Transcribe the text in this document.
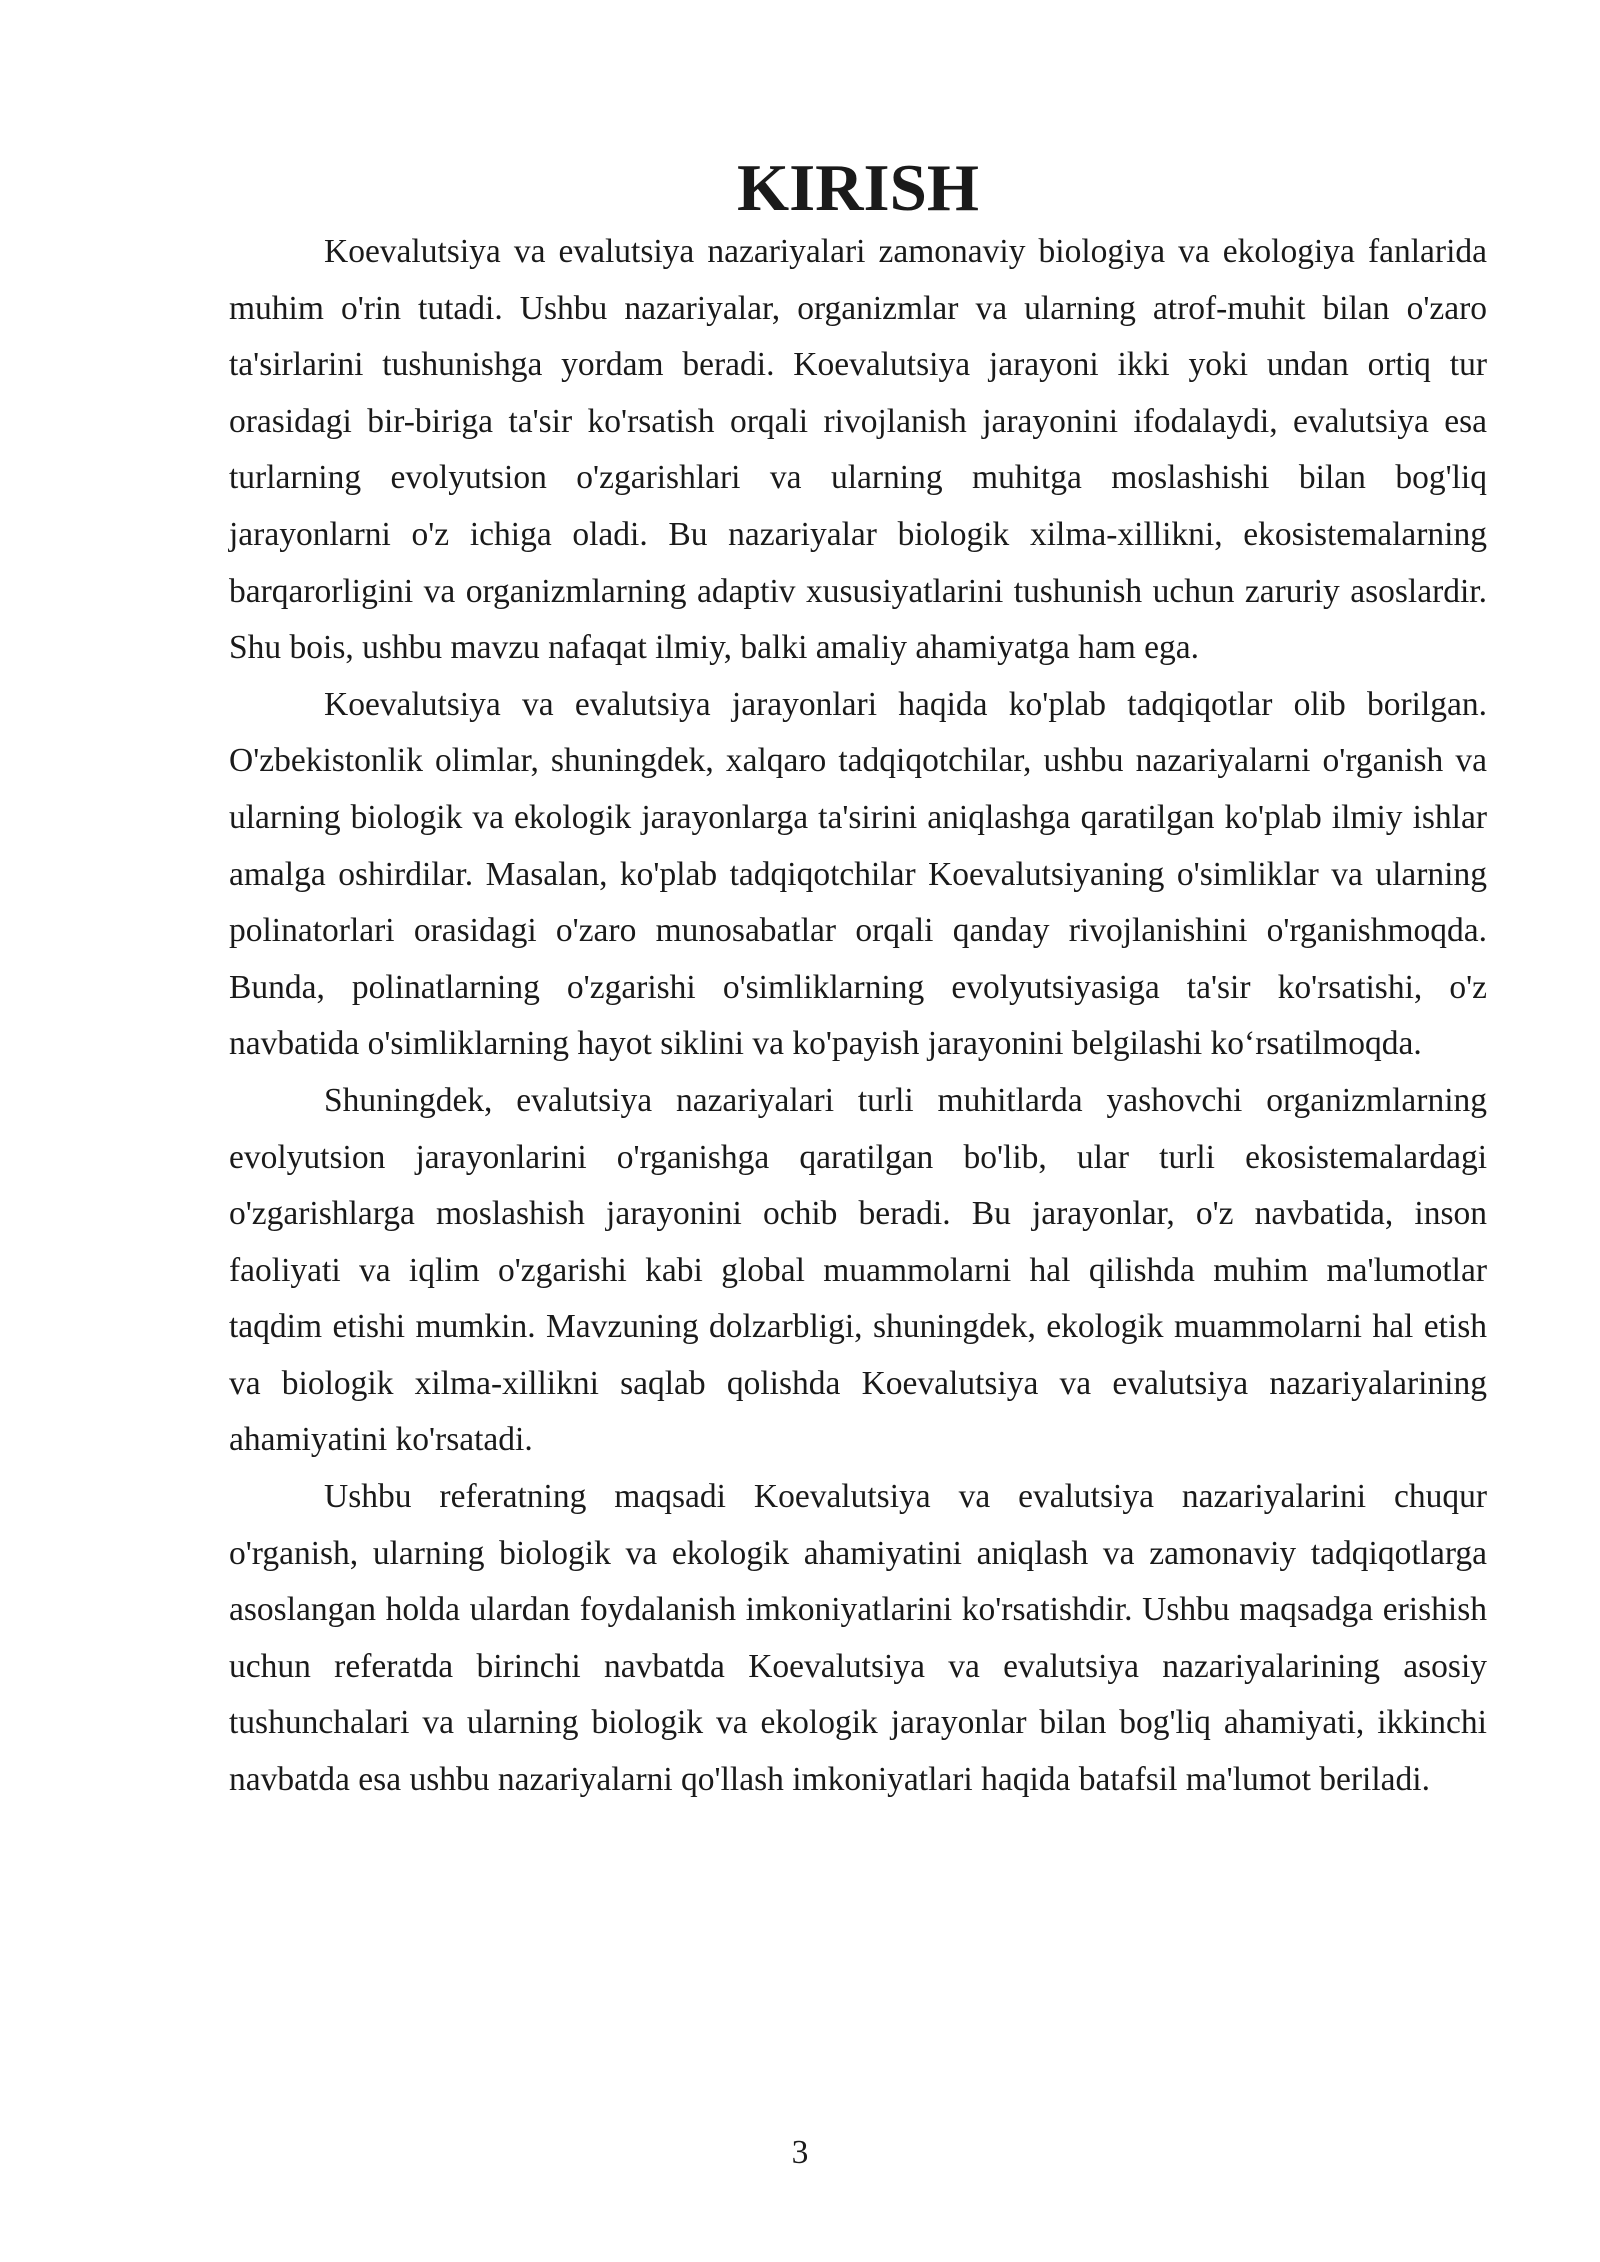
KIRISH

Koevalutsiya va evalutsiya nazariyalari zamonaviy biologiya va ekologiya fanlarida muhim o'rin tutadi. Ushbu nazariyalar, organizmlar va ularning atrof-muhit bilan o'zaro ta'sirlarini tushunishga yordam beradi. Koevalutsiya jarayoni ikki yoki undan ortiq tur orasidagi bir-biriga ta'sir ko'rsatish orqali rivojlanish jarayonini ifodalaydi, evalutsiya esa turlarning evolyutsion o'zgarishlari va ularning muhitga moslashishi bilan bog'liq jarayonlarni o'z ichiga oladi. Bu nazariyalar biologik xilma-xillikni, ekosistemalarning barqarorligini va organizmlarning adaptiv xususiyatlarini tushunish uchun zaruriy asoslardir. Shu bois, ushbu mavzu nafaqat ilmiy, balki amaliy ahamiyatga ham ega.

Koevalutsiya va evalutsiya jarayonlari haqida ko'plab tadqiqotlar olib borilgan. O'zbekistonlik olimlar, shuningdek, xalqaro tadqiqotchilar, ushbu nazariyalarni o'rganish va ularning biologik va ekologik jarayonlarga ta'sirini aniqlashga qaratilgan ko'plab ilmiy ishlar amalga oshirdilar. Masalan, ko'plab tadqiqotchilar Koevalutsiyaning o'simliklar va ularning polinatorlari orasidagi o'zaro munosabatlar orqali qanday rivojlanishini o'rganishmoqda. Bunda, polinatlarning o'zgarishi o'simliklarning evolyutsiyasiga ta'sir ko'rsatishi, o'z navbatida o'simliklarning hayot siklini va ko'payish jarayonini belgilashi ko‘rsatilmoqda.

Shuningdek, evalutsiya nazariyalari turli muhitlarda yashovchi organizmlarning evolyutsion jarayonlarini o'rganishga qaratilgan bo'lib, ular turli ekosistemalardagi o'zgarishlarga moslashish jarayonini ochib beradi. Bu jarayonlar, o'z navbatida, inson faoliyati va iqlim o'zgarishi kabi global muammolarni hal qilishda muhim ma'lumotlar taqdim etishi mumkin. Mavzuning dolzarbligi, shuningdek, ekologik muammolarni hal etish va biologik xilma-xillikni saqlab qolishda Koevalutsiya va evalutsiya nazariyalarining ahamiyatini ko'rsatadi.

Ushbu referatning maqsadi Koevalutsiya va evalutsiya nazariyalarini chuqur o'rganish, ularning biologik va ekologik ahamiyatini aniqlash va zamonaviy tadqiqotlarga asoslangan holda ulardan foydalanish imkoniyatlarini ko'rsatishdir. Ushbu maqsadga erishish uchun referatda birinchi navbatda Koevalutsiya va evalutsiya nazariyalarining asosiy tushunchalari va ularning biologik va ekologik jarayonlar bilan bog'liq ahamiyati, ikkinchi navbatda esa ushbu nazariyalarni qo'llash imkoniyatlari haqida batafsil ma'lumot beriladi.

3
